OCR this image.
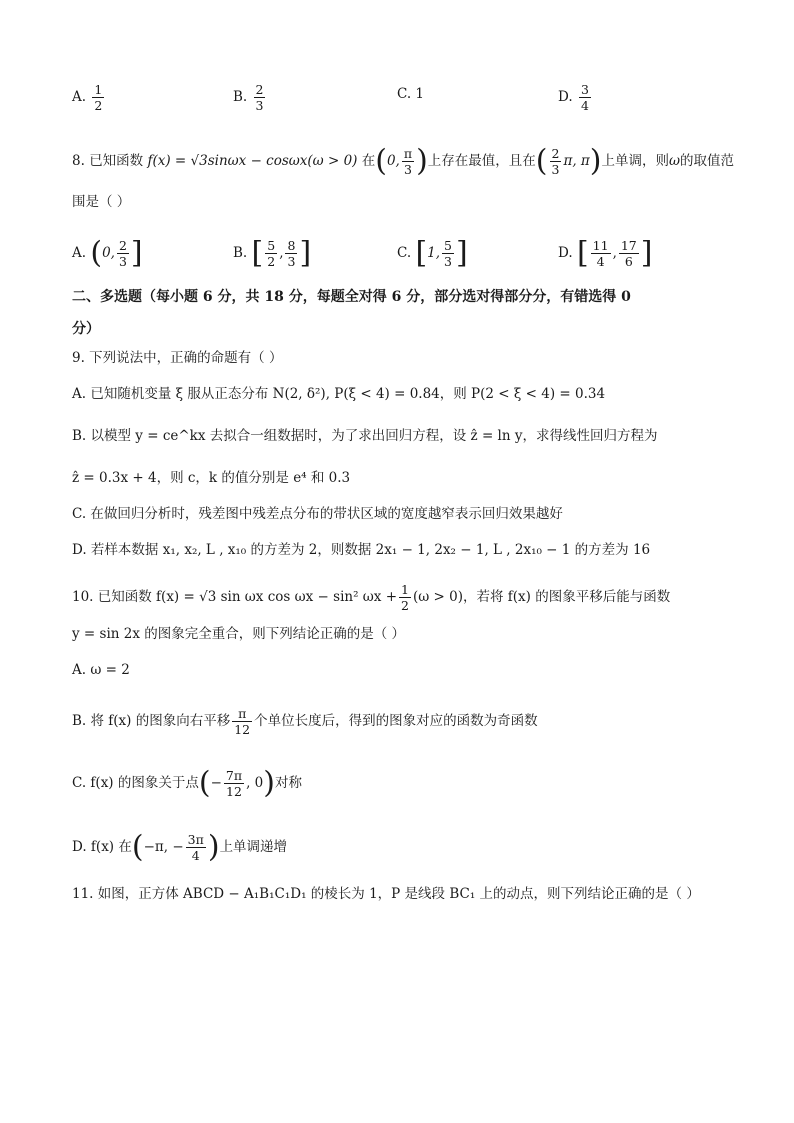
A. $\frac{1}{2}$	B. $\frac{2}{3}$	C. 1	D. $\frac{3}{4}$
8. 已知函数 f(x) = √3sinωx − cosωx(ω > 0) 在(0, $\frac{\pi}{3}$ )上存在最值，且在( $\frac{2}{3} \pi$, π)上单调，则ω的取值范
围是（ ）
A. (0, $\frac{2}{3}$ ]	B. [ $\frac{5}{2}$ , $\frac{8}{3}$ ]	C. [1, $\frac{5}{3}$ ]	D. [ $\frac{11}{4}$ , $\frac{17}{6}$ ]
二、多选题（每小题 6 分，共 18 分，每题全对得 6 分，部分选对得部分分，有错选得 0
分）
9. 下列说法中，正确的命题有（ ）
A. 已知随机变量 ξ 服从正态分布 N(2, δ²), P(ξ < 4) = 0.84，则 P(2 < ξ < 4) = 0.34
B. 以模型 y = ce^kx 去拟合一组数据时，为了求出回归方程，设 ẑ = ln y，求得线性回归方程为
ẑ = 0.3x + 4，则 c，k 的值分别是 e⁴ 和 0.3
C. 在做回归分析时，残差图中残差点分布的带状区域的宽度越窄表示回归效果越好
D. 若样本数据 x₁, x₂, L , x₁₀ 的方差为 2，则数据 2x₁ − 1, 2x₂ − 1, L , 2x₁₀ − 1 的方差为 16
10. 已知函数 f(x) = √3 sin ωx cos ωx − sin² $\omega x + \frac{1}{2} (\omega > 0)$，若将 f(x) 的图象平移后能与函数
y = sin 2x 的图象完全重合，则下列结论正确的是（ ）
A. ω = 2
B. 将 f(x) 的图象向右平移 $\frac{\pi}{12}$ 个单位长度后，得到的图象对应的函数为奇函数
C. f(x) 的图象关于点(− $\frac{7\pi}{12}$ , 0)对称
D. f(x) 在(−π, − $\frac{3\pi}{4}$ )上单调递增
11. 如图，正方体 ABCD − A₁B₁C₁D₁ 的棱长为 1，P 是线段 BC₁ 上的动点，则下列结论正确的是（ ）
